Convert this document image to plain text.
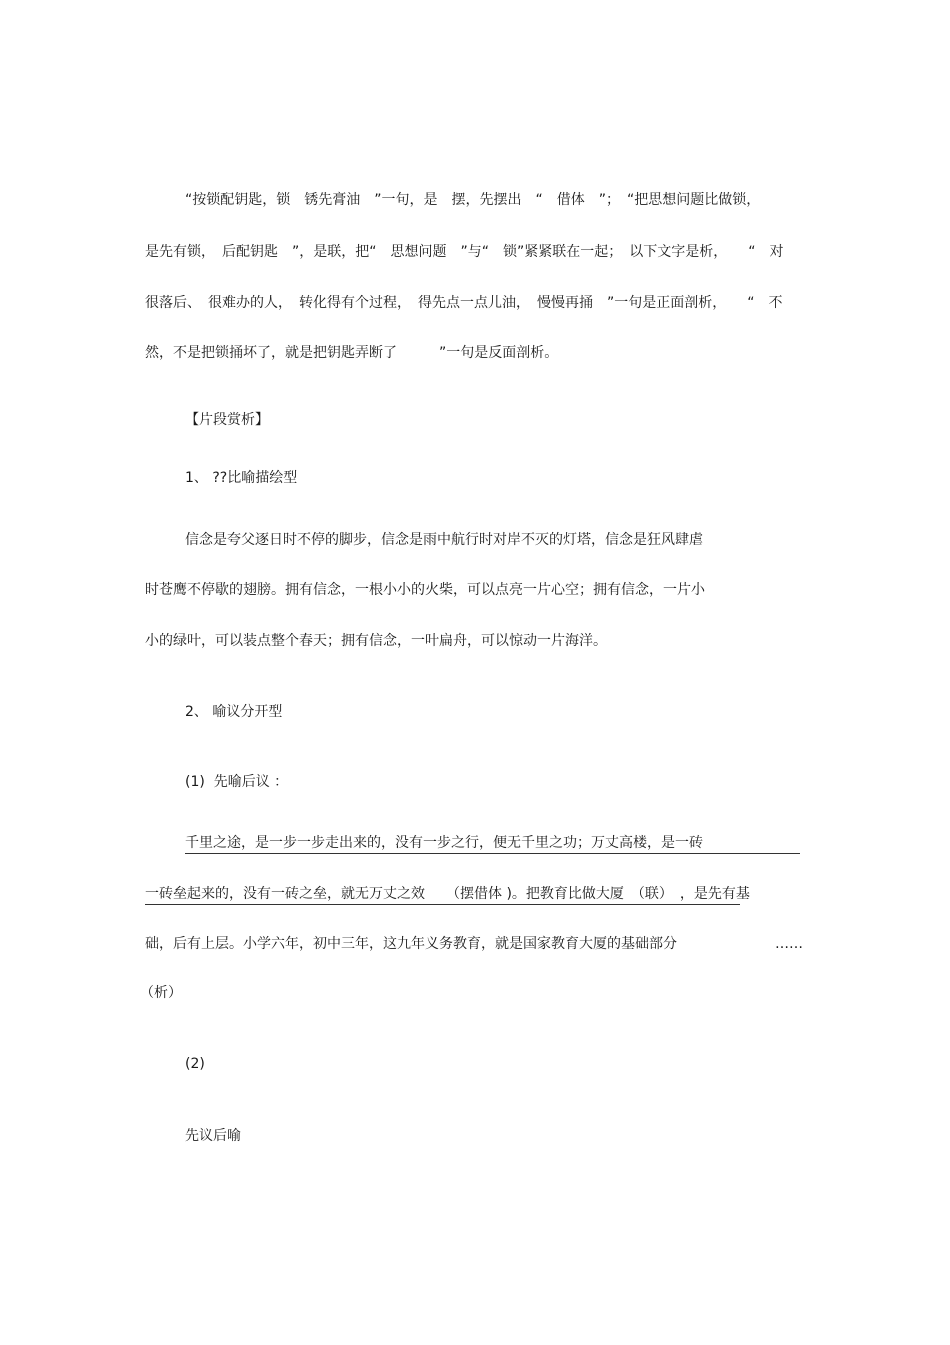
“按锁配钥匙，锁　锈先膏油　”一句，是　摆，先摆出　“　借体　”；　“把思想问题比做锁，
是先有锁，　后配钥匙　”，是联，把“　思想问题　”与“　锁”紧紧联在一起；　以下文字是析，　　“　对
很落后、　很难办的人，　转化得有个过程，　得先点一点儿油，　慢慢再捅　”一句是正面剖析，　　“　不
然，不是把锁捅坏了，就是把钥匙弄断了　　　”一句是反面剖析。
【片段赏析】
1、 ??比喻描绘型
信念是夸父逐日时不停的脚步，信念是雨中航行时对岸不灭的灯塔，信念是狂风肆虐
时苍鹰不停歇的翅膀。拥有信念，一根小小的火柴，可以点亮一片心空；拥有信念，一片小
小的绿叶，可以装点整个春天；拥有信念，一叶扁舟，可以惊动一片海洋。
2、 喻议分开型
(1)  先喻后议 ：
千里之途，是一步一步走出来的，没有一步之行，便无千里之功；万丈高楼，是一砖
一砖垒起来的，没有一砖之垒，就无万丈之效　　（摆借体 )。把教育比做大厦　（联）　，是先有基
础，后有上层。小学六年，初中三年，这九年义务教育，就是国家教育大厦的基础部分	……
（析）
(2)
先议后喻
